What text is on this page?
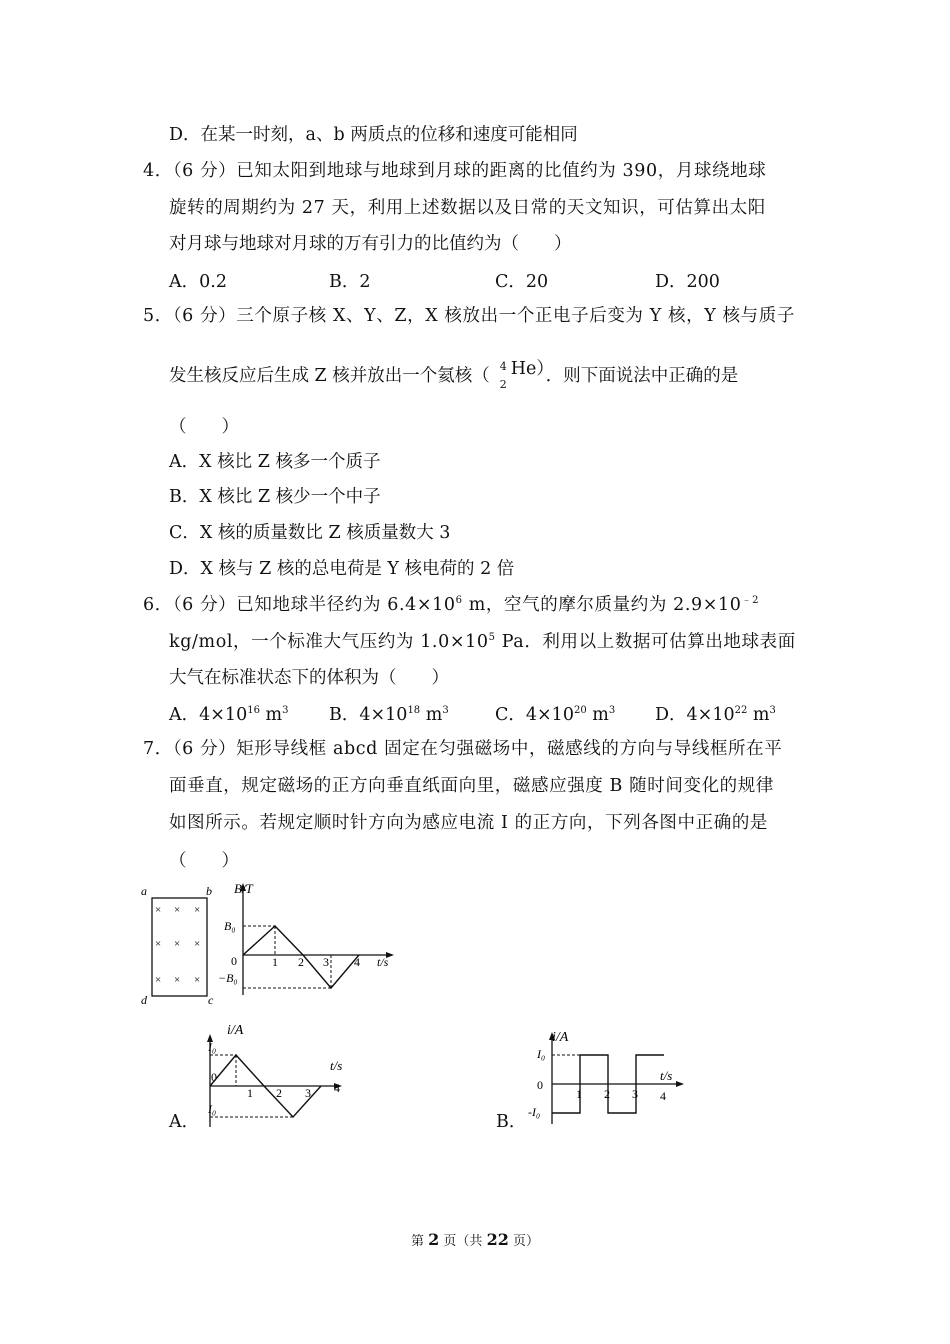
D．在某一时刻，a、b 两质点的位移和速度可能相同
4．（6 分）已知太阳到地球与地球到月球的距离的比值约为 390，月球绕地球
旋转的周期约为 27 天，利用上述数据以及日常的天文知识，可估算出太阳
对月球与地球对月球的万有引力的比值约为（　　）
A．0.2	B．2	C．20	D．200
5．（6 分）三个原子核 X、Y、Z，X 核放出一个正电子后变为 Y 核，Y 核与质子
发生核反应后生成 Z 核并放出一个氦核（ 4
2
He）
．则下面说法中正确的是
（　　）
A．X 核比 Z 核多一个质子
B．X 核比 Z 核少一个中子
C．X 核的质量数比 Z 核质量数大 3
D．X 核与 Z 核的总电荷是 Y 核电荷的 2 倍
6．（6 分）已知地球半径约为 $6.4\times 10^6$ m，空气的摩尔质量约为 $2.9\times 10^{﹣2}$
kg/mol，一个标准大气压约为 $1.0\times 10^5$ Pa．利用以上数据可估算出地球表面
大气在标准状态下的体积为（　　）
A．$4\times 10^{16}$ $m^3$ B．$4\times 10^{18}$ $m^3$	C．$4\times 10^{20}$ $m^3$ D．$4\times 10^{22}$ $m^3$
7．（6 分）矩形导线框 abcd 固定在匀强磁场中，磁感线的方向与导线框所在平
面垂直，规定磁场的正方向垂直纸面向里，磁感应强度 B 随时间变化的规律
如图所示。若规定顺时针方向为感应电流 I 的正方向，下列各图中正确的是
（　　）
a	b
c
d
× × ×
× × ×
× × ×
B/T
t/s
B₀
−B₀
0	1 2 3 4
A．
i/A
t/s
I₀
I₀
0
1 2 3 4
B．
i/A
t/s
I₀
-I₀
0
1 2 3 4
第 2 页（共 22 页）
